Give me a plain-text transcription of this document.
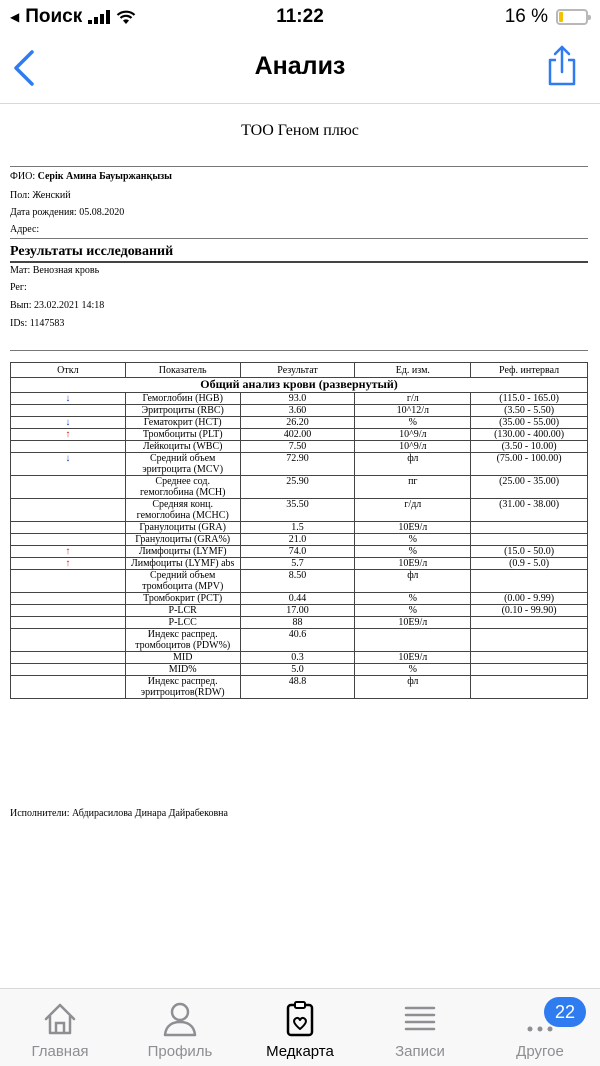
◀ Поиск	11:22	16 %
Анализ
ТОО Геном плюс
ФИО: Серік Амина Бауыржанқызы
Пол: Женский
Дата рождения: 05.08.2020
Адрес:
Результаты исследований
Мат: Венозная кровь
Рег:
Вып: 23.02.2021 14:18
IDs: 1147583
Откл	Показатель	Результат	Ед. изм.	Реф. интервал
Общий анализ крови (развернутый)				
↓	Гемоглобин (HGB)	93.0	г/л	(115.0 - 165.0)
	Эритроциты (RBC)	3.60	10^12/л	(3.50 - 5.50)
↓	Гематокрит (HCT)	26.20	%	(35.00 - 55.00)
↑	Тромбоциты (PLT)	402.00	10^9/л	(130.00 - 400.00)
	Лейкоциты (WBC)	7.50	10^9/л	(3.50 - 10.00)
↓	Средний объем эритроцита (MCV)	72.90	фл	(75.00 - 100.00)
	Среднее сод. гемоглобина (MCH)	25.90	пг	(25.00 - 35.00)
	Средняя конц. гемоглобина (MCHC)	35.50	г/дл	(31.00 - 38.00)
	Гранулоциты (GRA)	1.5	10E9/л	
	Гранулоциты (GRA%)	21.0	%	
↑	Лимфоциты (LYMF)	74.0	%	(15.0 - 50.0)
↑	Лимфоциты (LYMF) abs	5.7	10E9/л	(0.9 - 5.0)
	Средний объем тромбоцита (MPV)	8.50	фл	
	Тромбокрит (PCT)	0.44	%	(0.00 - 9.99)
	P-LCR	17.00	%	(0.10 - 99.90)
	P-LCC	88	10E9/л	
	Индекс распред. тромбоцитов (PDW%)	40.6		
	MID	0.3	10E9/л	
	MID%	5.0	%	
	Индекс распред. эритроцитов(RDW)	48.8	фл	
Исполнители: Абдирасилова Динара Дайрабековна
Главная	Профиль	Медкарта	Записи	Другое
22
